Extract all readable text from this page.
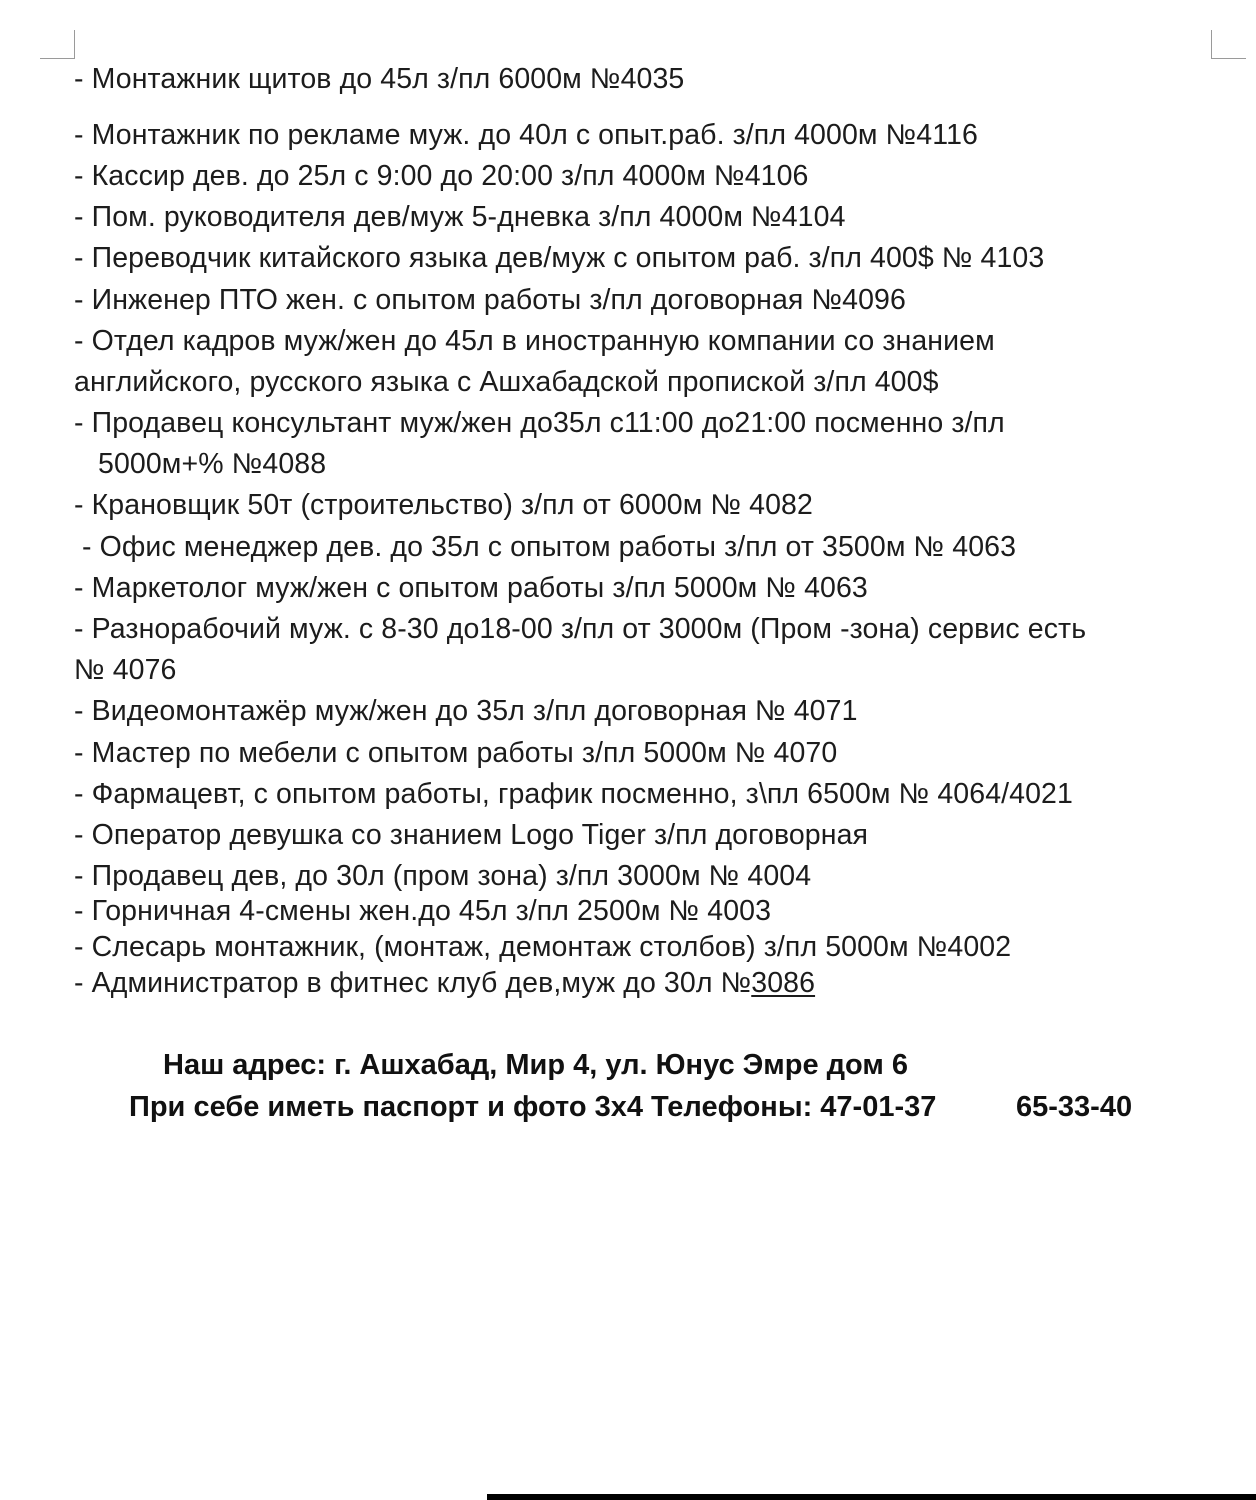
- Монтажник щитов до 45л з/пл 6000м №4035
- Монтажник по рекламе муж. до 40л с опыт.раб. з/пл 4000м №4116
- Кассир дев. до 25л с 9:00 до 20:00 з/пл 4000м №4106
- Пом. руководителя дев/муж 5-дневка з/пл 4000м №4104
- Переводчик китайского языка дев/муж с опытом раб. з/пл 400$ № 4103
- Инженер ПТО жен. с опытом работы з/пл договорная №4096
- Отдел кадров муж/жен до 45л в иностранную компании со знанием
английского, русского языка с Ашхабадской пропиской з/пл 400$
- Продавец консультант муж/жен до35л с11:00 до21:00 посменно з/пл
5000м+% №4088
- Крановщик 50т (строительство) з/пл от 6000м № 4082
- Офис менеджер дев. до 35л с опытом работы з/пл от 3500м № 4063
- Маркетолог муж/жен с опытом работы з/пл 5000м № 4063
- Разнорабочий муж. с 8-30 до18-00 з/пл от 3000м (Пром -зона) сервис есть
№ 4076
- Видеомонтажёр муж/жен до 35л з/пл договорная № 4071
- Мастер по мебели с опытом работы з/пл 5000м № 4070
- Фармацевт, с опытом работы, график посменно, з\пл 6500м № 4064/4021
- Оператор девушка со знанием Logo Tiger з/пл договорная
- Продавец дев, до 30л (пром зона) з/пл 3000м № 4004
- Горничная 4-смены жен.до 45л з/пл 2500м № 4003
- Слесарь монтажник, (монтаж, демонтаж столбов) з/пл 5000м №4002
- Администратор в фитнес клуб дев,муж до 30л №3086
Наш адрес: г. Ашхабад, Мир 4, ул. Юнус Эмре дом 6
При себе иметь паспорт и фото 3х4 Телефоны: 47-01-37	65-33-40
